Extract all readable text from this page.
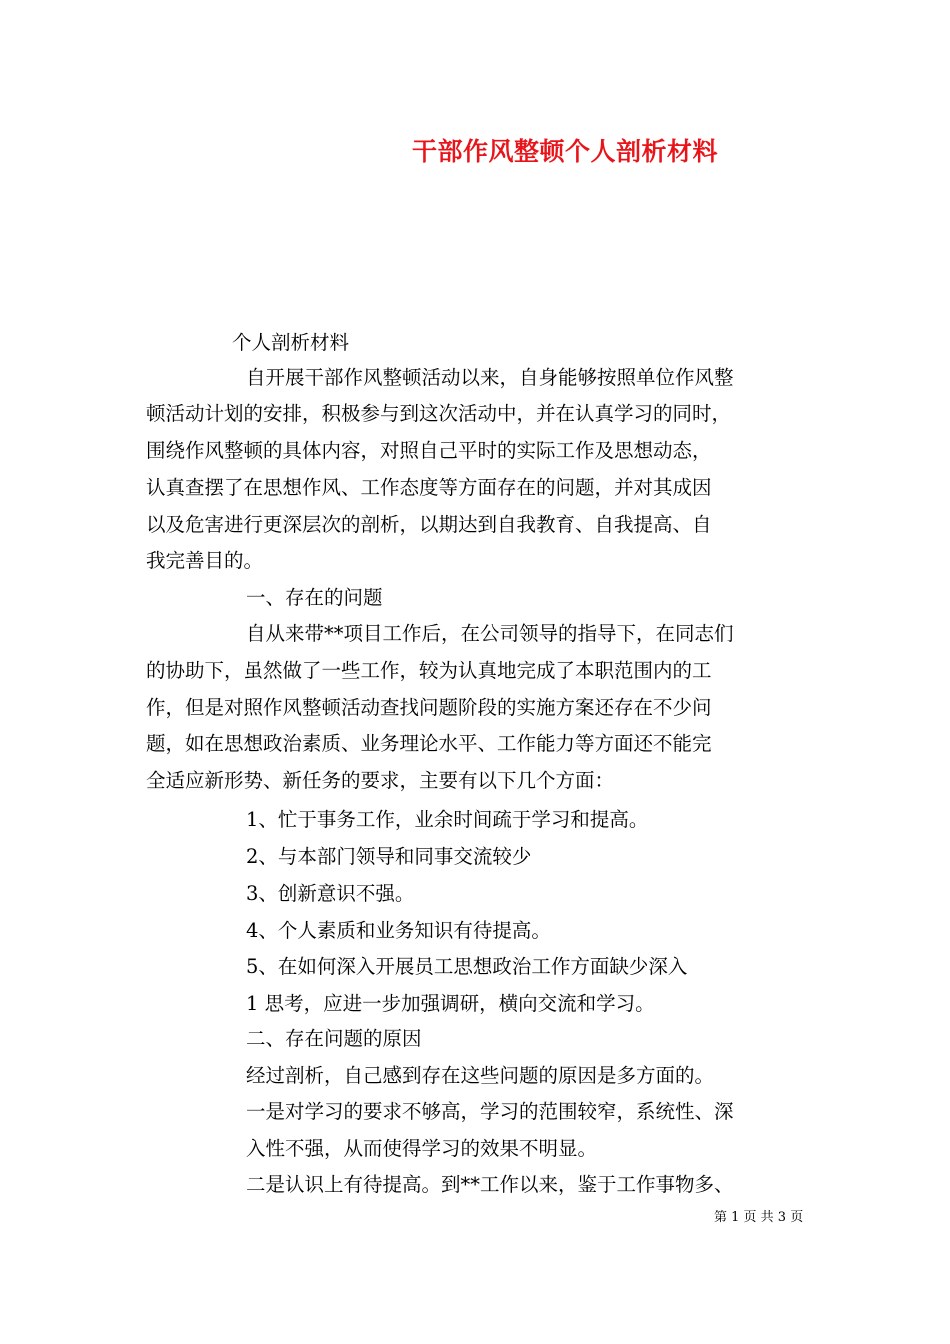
干部作风整顿个人剖析材料
个人剖析材料
自开展干部作风整顿活动以来，自身能够按照单位作风整
顿活动计划的安排，积极参与到这次活动中，并在认真学习的同时，
围绕作风整顿的具体内容，对照自己平时的实际工作及思想动态，
认真查摆了在思想作风、工作态度等方面存在的问题，并对其成因
以及危害进行更深层次的剖析，以期达到自我教育、自我提高、自
我完善目的。
一、存在的问题
自从来带**项目工作后，在公司领导的指导下，在同志们
的协助下，虽然做了一些工作，较为认真地完成了本职范围内的工
作，但是对照作风整顿活动查找问题阶段的实施方案还存在不少问
题，如在思想政治素质、业务理论水平、工作能力等方面还不能完
全适应新形势、新任务的要求，主要有以下几个方面：
1、忙于事务工作，业余时间疏于学习和提高。
2、与本部门领导和同事交流较少
3、创新意识不强。
4、个人素质和业务知识有待提高。
5、在如何深入开展员工思想政治工作方面缺少深入
1 思考，应进一步加强调研，横向交流和学习。
二、存在问题的原因
经过剖析，自己感到存在这些问题的原因是多方面的。
一是对学习的要求不够高，学习的范围较窄，系统性、深
入性不强，从而使得学习的效果不明显。
二是认识上有待提高。到**工作以来，鉴于工作事物多、
第 1 页 共 3 页
